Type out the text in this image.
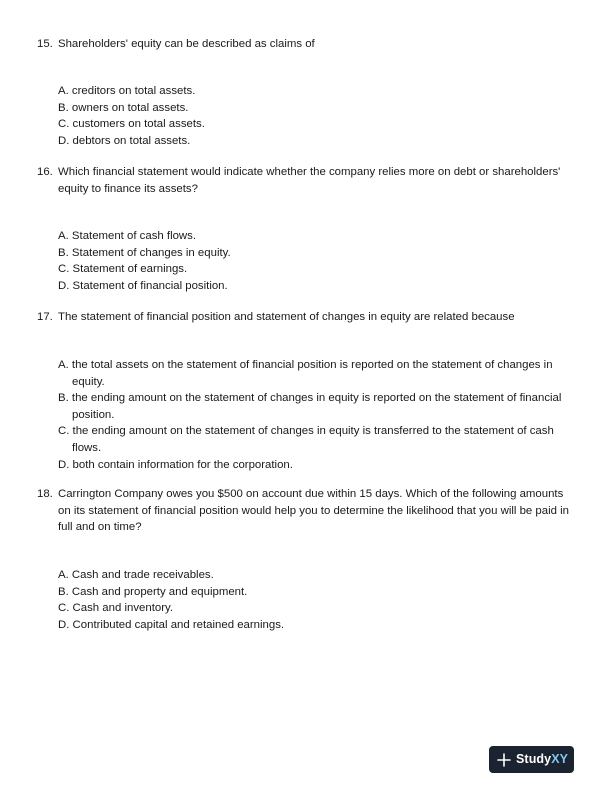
15. Shareholders' equity can be described as claims of
A. creditors on total assets.
B. owners on total assets.
C. customers on total assets.
D. debtors on total assets.
16. Which financial statement would indicate whether the company relies more on debt or shareholders' equity to finance its assets?
A. Statement of cash flows.
B. Statement of changes in equity.
C. Statement of earnings.
D. Statement of financial position.
17. The statement of financial position and statement of changes in equity are related because
A. the total assets on the statement of financial position is reported on the statement of changes in equity.
B. the ending amount on the statement of changes in equity is reported on the statement of financial position.
C. the ending amount on the statement of changes in equity is transferred to the statement of cash flows.
D. both contain information for the corporation.
18. Carrington Company owes you $500 on account due within 15 days. Which of the following amounts on its statement of financial position would help you to determine the likelihood that you will be paid in full and on time?
A. Cash and trade receivables.
B. Cash and property and equipment.
C. Cash and inventory.
D. Contributed capital and retained earnings.
StudyXY
